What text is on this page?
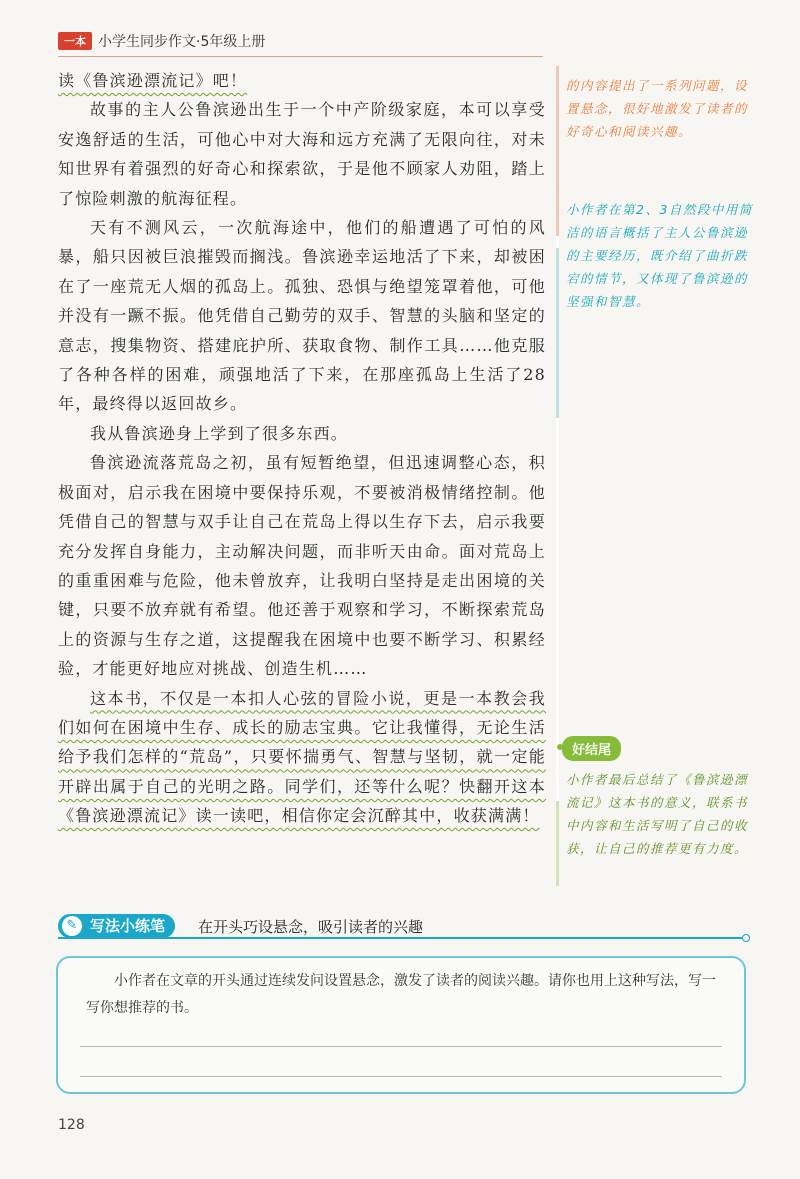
一本 小学生同步作文·5年级上册

读《鲁滨逊漂流记》吧！

故事的主人公鲁滨逊出生于一个中产阶级家庭，本可以享受安逸舒适的生活，可他心中对大海和远方充满了无限向往，对未知世界有着强烈的好奇心和探索欲，于是他不顾家人劝阻，踏上了惊险刺激的航海征程。

天有不测风云，一次航海途中，他们的船遭遇了可怕的风暴，船只因被巨浪摧毁而搁浅。鲁滨逊幸运地活了下来，却被困在了一座荒无人烟的孤岛上。孤独、恐惧与绝望笼罩着他，可他并没有一蹶不振。他凭借自己勤劳的双手、智慧的头脑和坚定的意志，搜集物资、搭建庇护所、获取食物、制作工具……他克服了各种各样的困难，顽强地活了下来，在那座孤岛上生活了28年，最终得以返回故乡。

我从鲁滨逊身上学到了很多东西。

鲁滨逊流落荒岛之初，虽有短暂绝望，但迅速调整心态，积极面对，启示我在困境中要保持乐观，不要被消极情绪控制。他凭借自己的智慧与双手让自己在荒岛上得以生存下去，启示我要充分发挥自身能力，主动解决问题，而非听天由命。面对荒岛上的重重困难与危险，他未曾放弃，让我明白坚持是走出困境的关键，只要不放弃就有希望。他还善于观察和学习，不断探索荒岛上的资源与生存之道，这提醒我在困境中也要不断学习、积累经验，才能更好地应对挑战、创造生机……

这本书，不仅是一本扣人心弦的冒险小说，更是一本教会我们如何在困境中生存、成长的励志宝典。它让我懂得，无论生活给予我们怎样的“荒岛”，只要怀揣勇气、智慧与坚韧，就一定能开辟出属于自己的光明之路。同学们，还等什么呢？快翻开这本《鲁滨逊漂流记》读一读吧，相信你定会沉醉其中，收获满满！

的内容提出了一系列问题，设置悬念，很好地激发了读者的好奇心和阅读兴趣。
小作者在第2、3自然段中用简洁的语言概括了主人公鲁滨逊的主要经历，既介绍了曲折跌宕的情节，又体现了鲁滨逊的坚强和智慧。
好结尾
小作者最后总结了《鲁滨逊漂流记》这本书的意义，联系书中内容和生活写明了自己的收获，让自己的推荐更有力度。
✎ 写法小练笔	在开头巧设悬念，吸引读者的兴趣
小作者在文章的开头通过连续发问设置悬念，激发了读者的阅读兴趣。请你也用上这种写法，写一写你想推荐的书。
128
